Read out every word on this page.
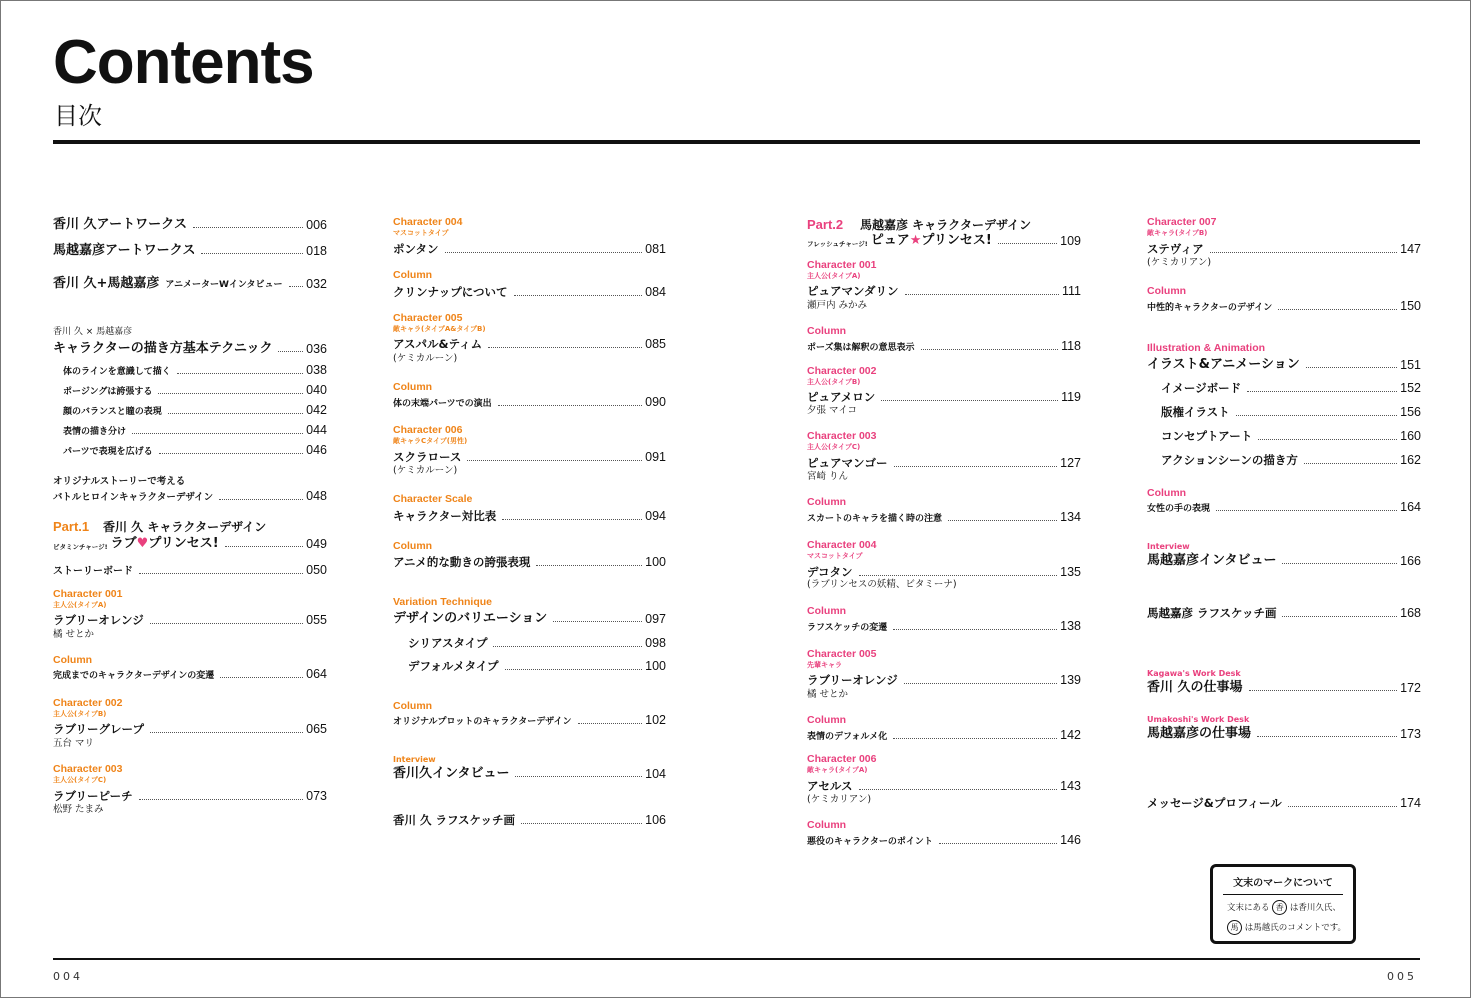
Contents
目次
香川 久アートワークス	006
馬越嘉彦アートワークス	018
香川 久+馬越嘉彦 アニメーターWインタビュー 032
香川 久 × 馬越嘉彦
キャラクターの描き方基本テクニック	036
体のラインを意識して描く	038
ポージングは誇張する	040
顔のバランスと瞳の表現	042
表情の描き分け	044
パーツで表現を広げる	046
オリジナルストーリーで考える
バトルヒロインキャラクターデザイン	048
Part.1 香川 久 キャラクターデザイン
ビタミンチャージ! ラブ ♥ プリンセス!	049
ストーリーボード	050
Character 001
主人公(タイプA)
ラブリーオレンジ	055
橘 せとか
Column
完成までのキャラクターデザインの変遷	064
Character 002
主人公(タイプB)
ラブリーグレープ	065
五台 マリ
Character 003
主人公(タイプC)
ラブリーピーチ	073
松野 たまみ
Character 004
マスコットタイプ
ポンタン	081
Column
クリンナップについて	084
Character 005
敵キャラ(タイプA&タイプB)
アスパル&ティム	085
(ケミカルーン)
Column
体の末端パーツでの演出	090
Character 006
敵キャラCタイプ(男性)
スクラロース	091
(ケミカルーン)
Character Scale
キャラクター対比表	094
Column
アニメ的な動きの誇張表現	100
Variation Technique
デザインのバリエーション	097
シリアスタイプ	098
デフォルメタイプ	100
Column
オリジナルプロットのキャラクターデザイン	102
Interview
香川久インタビュー	104
香川 久 ラフスケッチ画	106
Part.2 馬越嘉彦 キャラクターデザイン
フレッシュチャージ! ピュア ★ プリンセス!	109
Character 001
主人公(タイプA)
ピュアマンダリン	111
瀬戸内 みかみ
Column
ポーズ集は解釈の意思表示	118
Character 002
主人公(タイプB)
ピュアメロン	119
夕張 マイコ
Character 003
主人公(タイプC)
ピュアマンゴー	127
宮崎 りん
Column
スカートのキャラを描く時の注意	134
Character 004
マスコットタイプ
デコタン	135
(ラブリンセスの妖精、ビタミーナ)
Column
ラフスケッチの変遷	138
Character 005
先輩キャラ
ラブリーオレンジ	139
橘 せとか
Column
表情のデフォルメ化	142
Character 006
敵キャラ(タイプA)
アセルス	143
(ケミカリアン)
Column
悪役のキャラクターのポイント	146
Character 007
敵キャラ(タイプB)
ステヴィア	147
(ケミカリアン)
Column
中性的キャラクターのデザイン	150
Illustration & Animation
イラスト&アニメーション	151
イメージボード	152
版権イラスト	156
コンセプトアート	160
アクションシーンの描き方	162
Column
女性の手の表現	164
Interview
馬越嘉彦インタビュー	166
馬越嘉彦 ラフスケッチ画	168
Kagawa's Work Desk
香川 久の仕事場	172
Umakoshi's Work Desk
馬越嘉彦の仕事場	173
メッセージ&プロフィール	174
文末のマークについて
文末にある 香 は香川久氏、
馬 は馬越氏のコメントです。
004	005
